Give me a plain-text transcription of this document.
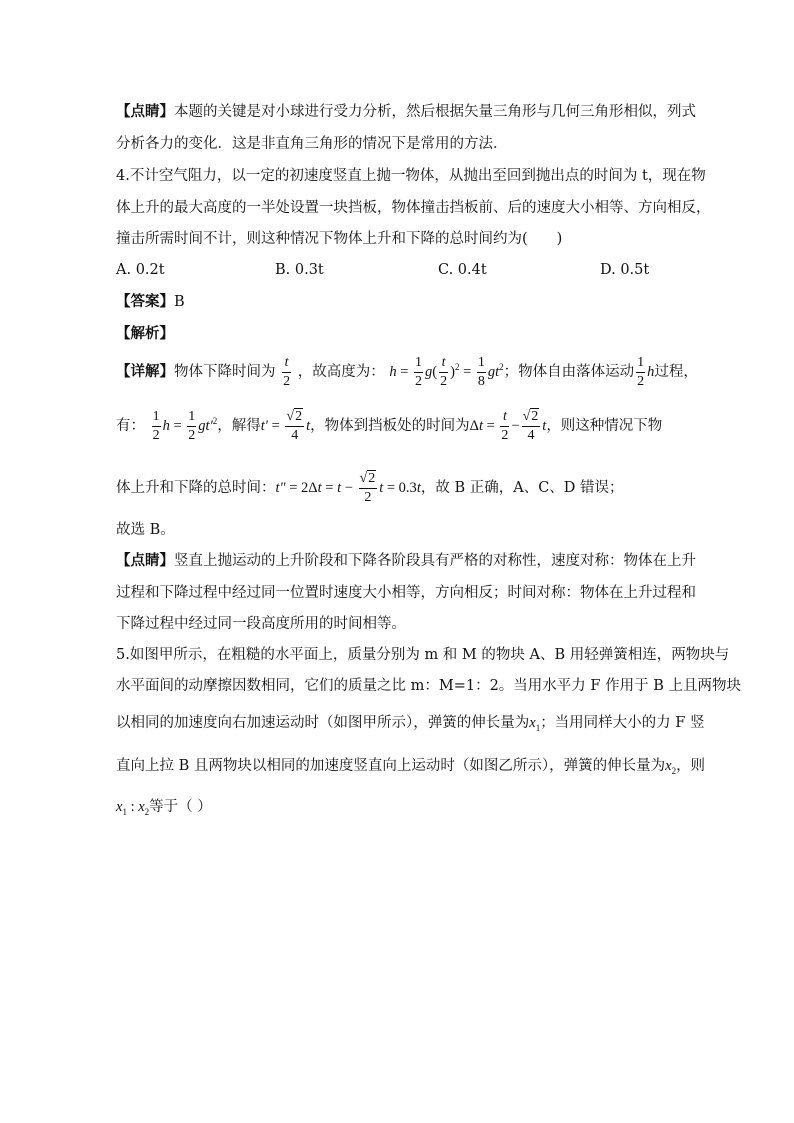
【点睛】本题的关键是对小球进行受力分析，然后根据矢量三角形与几何三角形相似，列式
分析各力的变化．这是非直角三角形的情况下是常用的方法．
4.不计空气阻力，以一定的初速度竖直上抛一物体，从抛出至回到抛出点的时间为 t，现在物
体上升的最大高度的一半处设置一块挡板，物体撞击挡板前、后的速度大小相等、方向相反，
撞击所需时间不计，则这种情况下物体上升和下降的总时间约为(　　)
A. 0.2t	B. 0.3t	C. 0.4t	D. 0.5t
【答案】B
【解析】
【详解】物体下降时间为 $\frac{t}{2}$ ，故高度为： $h = \frac{1}{2} g( \frac{t}{2} )^2 = \frac{1}{8} gt^2$；物体自由落体运动 $\frac{1}{2}$ h过程，
有： $\frac{1}{2}$ $h = \frac{1}{2} gt'^2$，解得$t' = \frac{√2}{4}$ t，物体到挡板处的时间为$\Delta t = \frac{t}{2} - \frac{√2}{4}$ t，则这种情况下物
体上升和下降的总时间：$t'' = 2\Delta t = t - \frac{√2}{2}$ t = 0.3t，故 B 正确，A、C、D 错误；
故选 B。
【点睛】竖直上抛运动的上升阶段和下降各阶段具有严格的对称性，速度对称：物体在上升
过程和下降过程中经过同一位置时速度大小相等，方向相反；时间对称：物体在上升过程和
下降过程中经过同一段高度所用的时间相等。
5.如图甲所示，在粗糙的水平面上，质量分别为 m 和 M 的物块 A、B 用轻弹簧相连，两物块与
水平面间的动摩擦因数相同，它们的质量之比 m：M=1：2。当用水平力 F 作用于 B 上且两物块
以相同的加速度向右加速运动时（如图甲所示），弹簧的伸长量为$x_1$；当用同样大小的力 F 竖
直向上拉 B 且两物块以相同的加速度竖直向上运动时（如图乙所示），弹簧的伸长量为$x_2$，则
$x_1$ : $x_2$等于（ ）
